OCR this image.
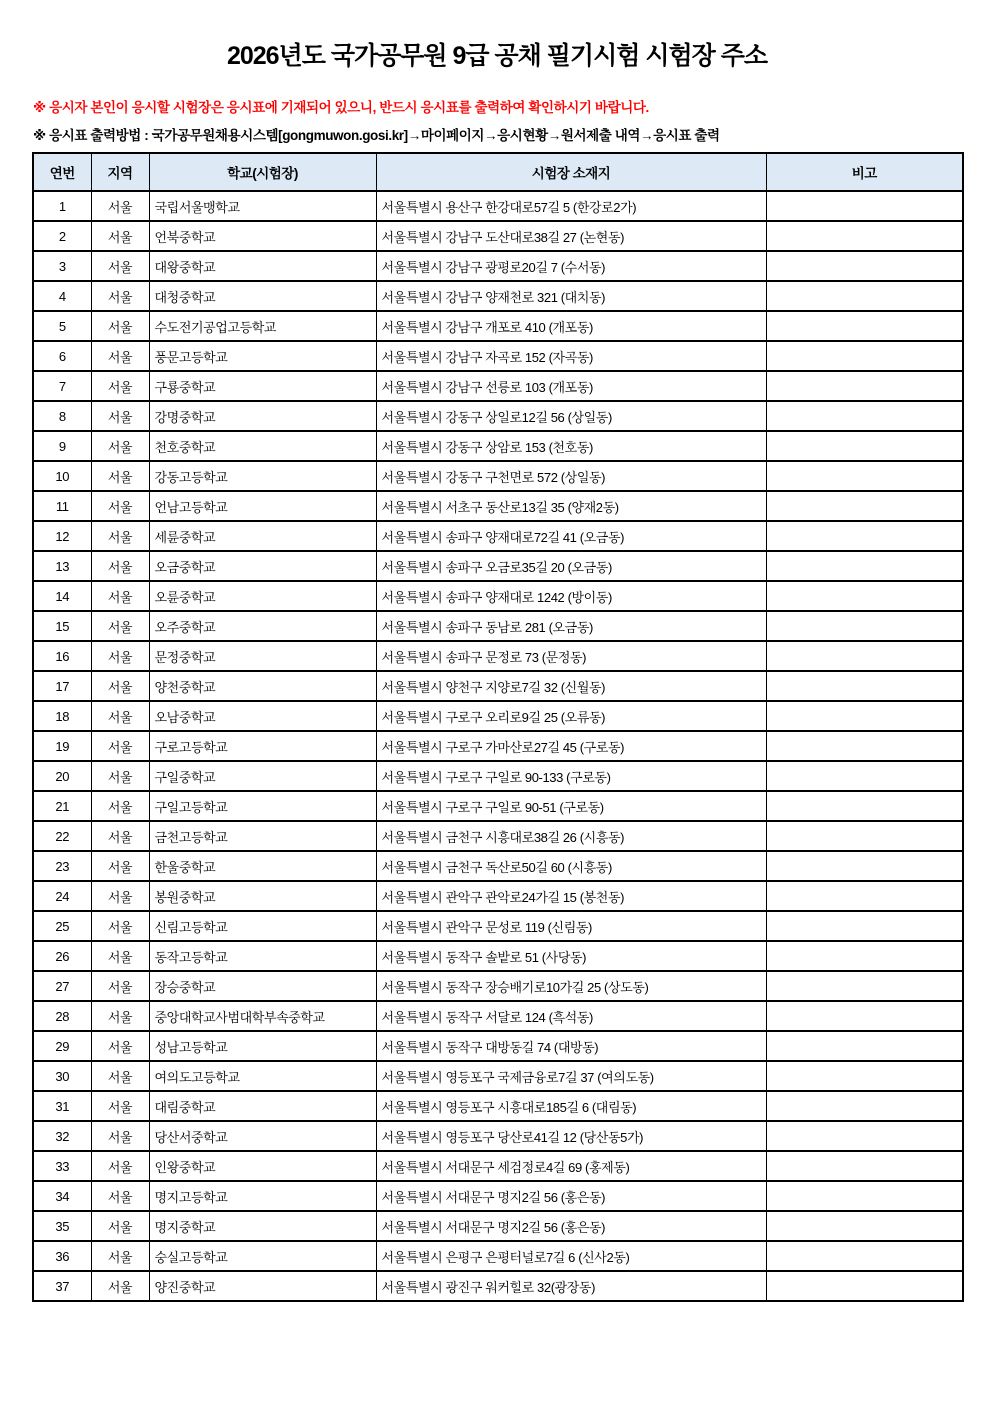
2026년도 국가공무원 9급 공채 필기시험 시험장 주소

※ 응시자 본인이 응시할 시험장은 응시표에 기재되어 있으니, 반드시 응시표를 출력하여 확인하시기 바랍니다.

※ 응시표 출력방법 : 국가공무원채용시스템[gongmuwon.gosi.kr]→마이페이지→응시현황→원서제출 내역→응시표 출력

연번	지역	학교(시험장)	시험장 소재지	비고
1	서울	국립서울맹학교	서울특별시 용산구 한강대로57길 5 (한강로2가)	
2	서울	언북중학교	서울특별시 강남구 도산대로38길 27 (논현동)	
3	서울	대왕중학교	서울특별시 강남구 광평로20길 7 (수서동)	
4	서울	대청중학교	서울특별시 강남구 양재천로 321 (대치동)	
5	서울	수도전기공업고등학교	서울특별시 강남구 개포로 410 (개포동)	
6	서울	풍문고등학교	서울특별시 강남구 자곡로 152 (자곡동)	
7	서울	구룡중학교	서울특별시 강남구 선릉로 103 (개포동)	
8	서울	강명중학교	서울특별시 강동구 상일로12길 56 (상일동)	
9	서울	천호중학교	서울특별시 강동구 상암로 153 (천호동)	
10	서울	강동고등학교	서울특별시 강동구 구천면로 572 (상일동)	
11	서울	언남고등학교	서울특별시 서초구 동산로13길 35 (양재2동)	
12	서울	세륜중학교	서울특별시 송파구 양재대로72길 41 (오금동)	
13	서울	오금중학교	서울특별시 송파구 오금로35길 20 (오금동)	
14	서울	오륜중학교	서울특별시 송파구 양재대로 1242 (방이동)	
15	서울	오주중학교	서울특별시 송파구 동남로 281 (오금동)	
16	서울	문정중학교	서울특별시 송파구 문정로 73 (문정동)	
17	서울	양천중학교	서울특별시 양천구 지양로7길 32 (신월동)	
18	서울	오남중학교	서울특별시 구로구 오리로9길 25 (오류동)	
19	서울	구로고등학교	서울특별시 구로구 가마산로27길 45 (구로동)	
20	서울	구일중학교	서울특별시 구로구 구일로 90-133 (구로동)	
21	서울	구일고등학교	서울특별시 구로구 구일로 90-51 (구로동)	
22	서울	금천고등학교	서울특별시 금천구 시흥대로38길 26 (시흥동)	
23	서울	한울중학교	서울특별시 금천구 독산로50길 60 (시흥동)	
24	서울	봉원중학교	서울특별시 관악구 관악로24가길 15 (봉천동)	
25	서울	신림고등학교	서울특별시 관악구 문성로 119 (신림동)	
26	서울	동작고등학교	서울특별시 동작구 솔밭로 51 (사당동)	
27	서울	장승중학교	서울특별시 동작구 장승배기로10가길 25 (상도동)	
28	서울	중앙대학교사범대학부속중학교	서울특별시 동작구 서달로 124 (흑석동)	
29	서울	성남고등학교	서울특별시 동작구 대방동길 74 (대방동)	
30	서울	여의도고등학교	서울특별시 영등포구 국제금융로7길 37 (여의도동)	
31	서울	대림중학교	서울특별시 영등포구 시흥대로185길 6 (대림동)	
32	서울	당산서중학교	서울특별시 영등포구 당산로41길 12 (당산동5가)	
33	서울	인왕중학교	서울특별시 서대문구 세검정로4길 69 (홍제동)	
34	서울	명지고등학교	서울특별시 서대문구 명지2길 56 (홍은동)	
35	서울	명지중학교	서울특별시 서대문구 명지2길 56 (홍은동)	
36	서울	숭실고등학교	서울특별시 은평구 은평터널로7길 6 (신사2동)	
37	서울	양진중학교	서울특별시 광진구 워커힐로 32(광장동)	
